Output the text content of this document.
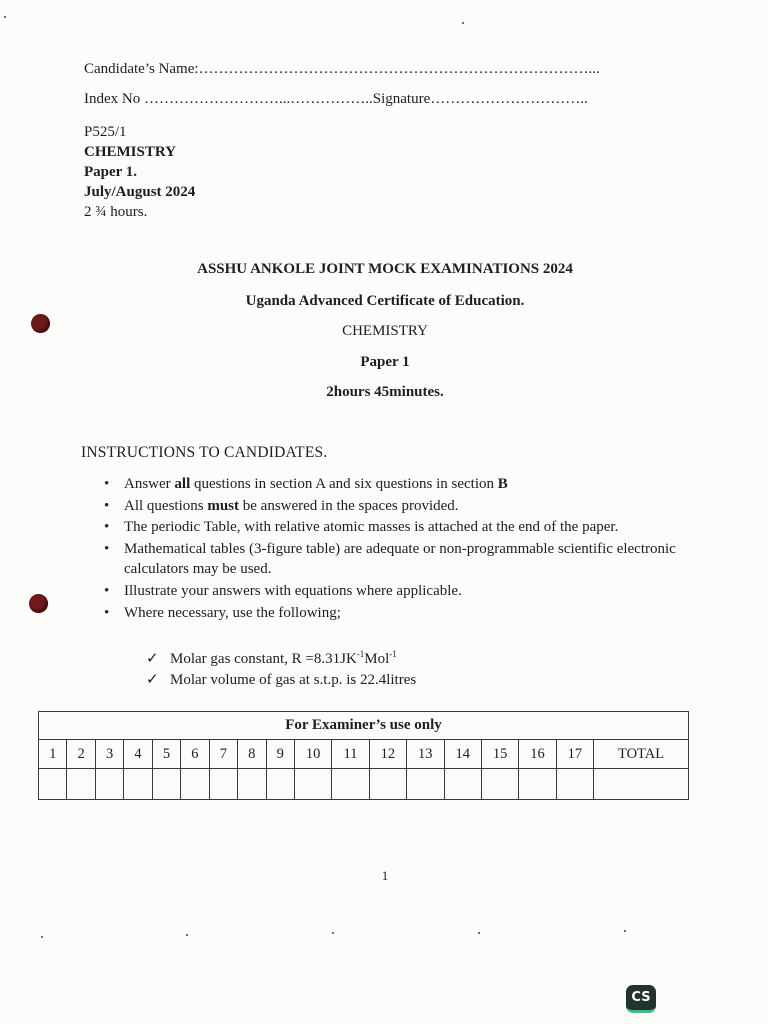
Candidate’s Name:……………………………………………………………………...
Index No ………………………...……………..Signature…………………………..
P525/1
CHEMISTRY
Paper 1.
July/August 2024
2 ¾ hours.
ASSHU ANKOLE JOINT MOCK EXAMINATIONS 2024
Uganda Advanced Certificate of Education.
CHEMISTRY
Paper 1
2hours 45minutes.
INSTRUCTIONS TO CANDIDATES.
• Answer all questions in section A and six questions in section B
• All questions must be answered in the spaces provided.
• The periodic Table, with relative atomic masses is attached at the end of the paper.
• Mathematical tables (3-figure table) are adequate or non-programmable scientific electronic calculators may be used.
• Illustrate your answers with equations where applicable.
• Where necessary, use the following;
✓ Molar gas constant, $R =8.31JK^{-1}Mol^{-1}$
✓ Molar volume of gas at s.t.p. is 22.4litres
For Examiner’s use only																	
1	2	3	4	5	6	7	8	9	10	11	12	13	14	15	16	17	TOTAL

1
CS
